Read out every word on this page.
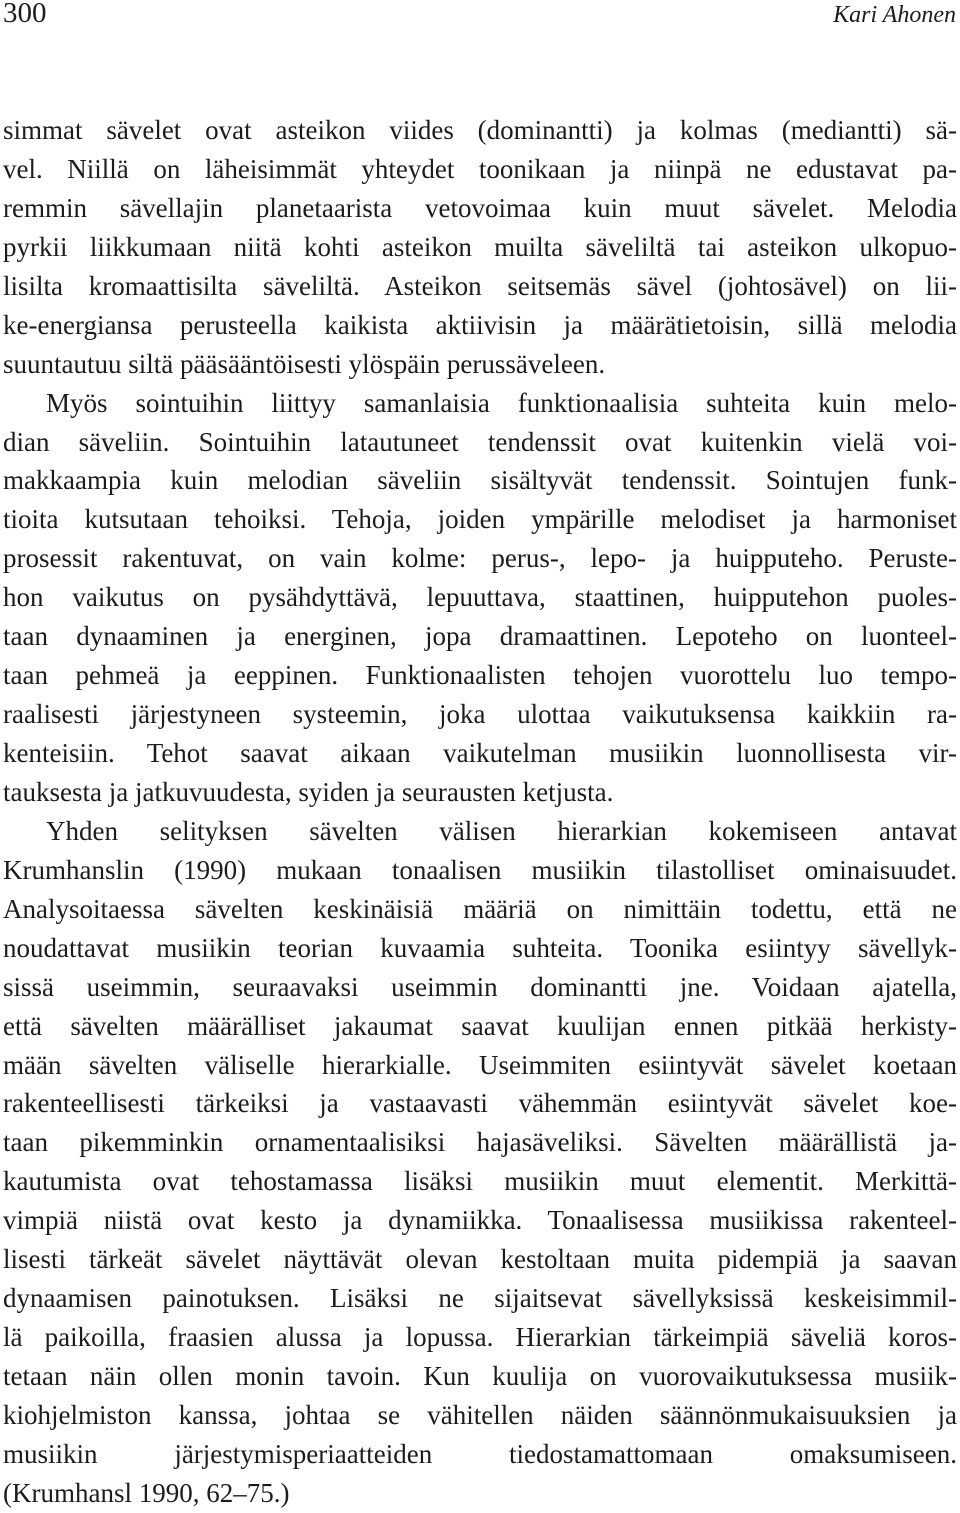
300	Kari Ahonen
simmat sävelet ovat asteikon viides (dominantti) ja kolmas (mediantti) sä-
vel. Niillä on läheisimmät yhteydet toonikaan ja niinpä ne edustavat pa-
remmin sävellajin planetaarista vetovoimaa kuin muut sävelet. Melodia
pyrkii liikkumaan niitä kohti asteikon muilta säveliltä tai asteikon ulkopuo-
lisilta kromaattisilta säveliltä. Asteikon seitsemäs sävel (johtosävel) on lii-
ke-energiansa perusteella kaikista aktiivisin ja määrätietoisin, sillä melodia
suuntautuu siltä pääsääntöisesti ylöspäin perussäveleen.
Myös sointuihin liittyy samanlaisia funktionaalisia suhteita kuin melo-
dian säveliin. Sointuihin latautuneet tendenssit ovat kuitenkin vielä voi-
makkaampia kuin melodian säveliin sisältyvät tendenssit. Sointujen funk-
tioita kutsutaan tehoiksi. Tehoja, joiden ympärille melodiset ja harmoniset
prosessit rakentuvat, on vain kolme: perus-, lepo- ja huipputeho. Peruste-
hon vaikutus on pysähdyttävä, lepuuttava, staattinen, huipputehon puoles-
taan dynaaminen ja energinen, jopa dramaattinen. Lepoteho on luonteel-
taan pehmeä ja eeppinen. Funktionaalisten tehojen vuorottelu luo tempo-
raalisesti järjestyneen systeemin, joka ulottaa vaikutuksensa kaikkiin ra-
kenteisiin. Tehot saavat aikaan vaikutelman musiikin luonnollisesta vir-
tauksesta ja jatkuvuudesta, syiden ja seurausten ketjusta.
Yhden selityksen sävelten välisen hierarkian kokemiseen antavat
Krumhanslin (1990) mukaan tonaalisen musiikin tilastolliset ominaisuudet.
Analysoitaessa sävelten keskinäisiä määriä on nimittäin todettu, että ne
noudattavat musiikin teorian kuvaamia suhteita. Toonika esiintyy sävellyk-
sissä useimmin, seuraavaksi useimmin dominantti jne. Voidaan ajatella,
että sävelten määrälliset jakaumat saavat kuulijan ennen pitkää herkisty-
mään sävelten väliselle hierarkialle. Useimmiten esiintyvät sävelet koetaan
rakenteellisesti tärkeiksi ja vastaavasti vähemmän esiintyvät sävelet koe-
taan pikemminkin ornamentaalisiksi hajasäveliksi. Sävelten määrällistä ja-
kautumista ovat tehostamassa lisäksi musiikin muut elementit. Merkittä-
vimpiä niistä ovat kesto ja dynamiikka. Tonaalisessa musiikissa rakenteel-
lisesti tärkeät sävelet näyttävät olevan kestoltaan muita pidempiä ja saavan
dynaamisen painotuksen. Lisäksi ne sijaitsevat sävellyksissä keskeisimmil-
lä paikoilla, fraasien alussa ja lopussa. Hierarkian tärkeimpiä säveliä koros-
tetaan näin ollen monin tavoin. Kun kuulija on vuorovaikutuksessa musiik-
kiohjelmiston kanssa, johtaa se vähitellen näiden säännönmukaisuuksien ja
musiikin järjestymisperiaatteiden tiedostamattomaan omaksumiseen.
(Krumhansl 1990, 62–75.)
